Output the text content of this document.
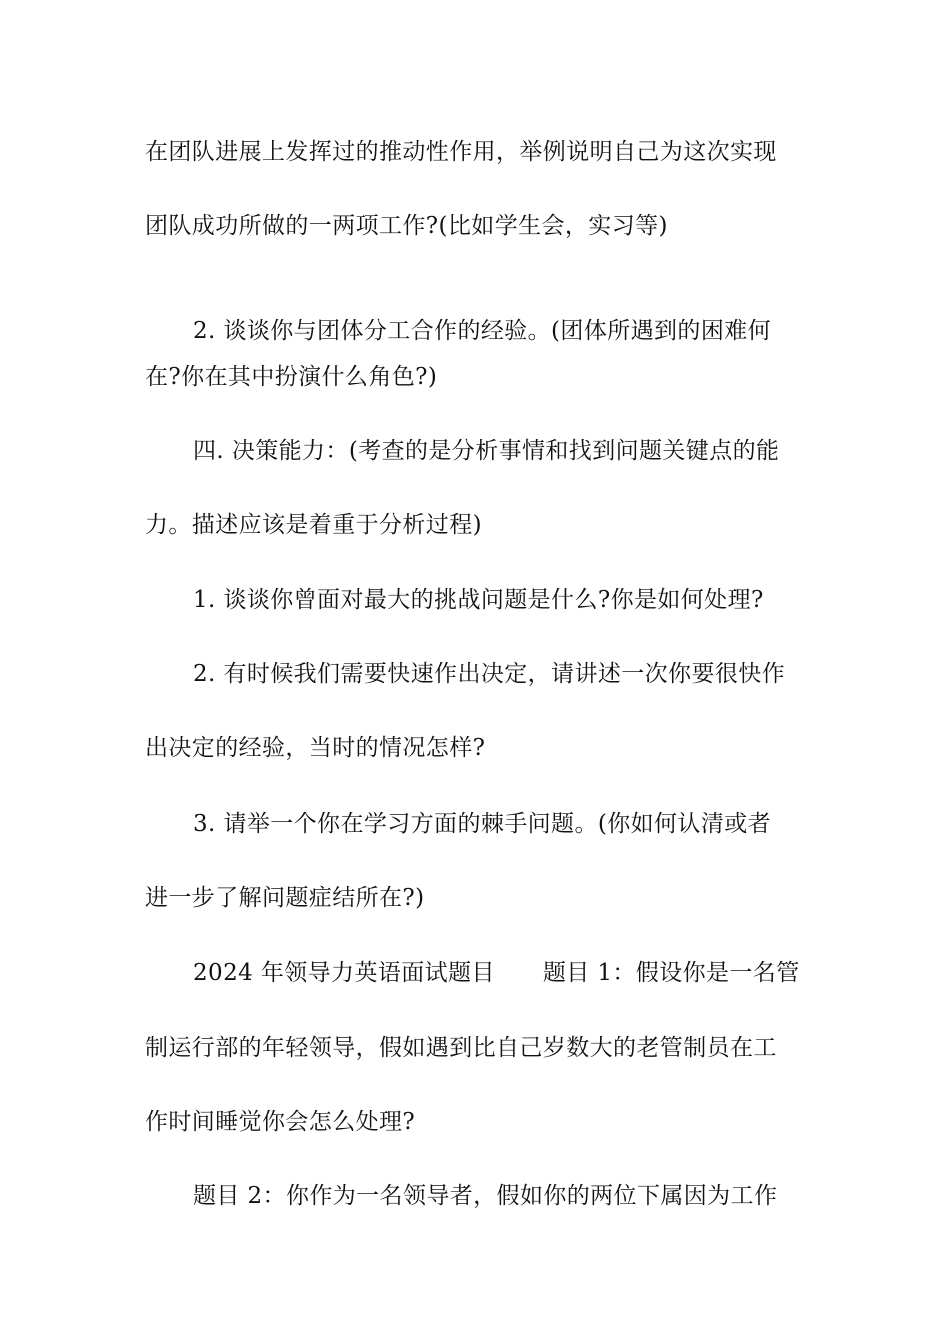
在团队进展上发挥过的推动性作用，举例说明自己为这次实现
团队成功所做的一两项工作?(比如学生会，实习等)
2. 谈谈你与团体分工合作的经验。(团体所遇到的困难何
在?你在其中扮演什么角色?)
四. 决策能力：(考查的是分析事情和找到问题关键点的能
力。描述应该是着重于分析过程)
1. 谈谈你曾面对最大的挑战问题是什么?你是如何处理?
2. 有时候我们需要快速作出决定，请讲述一次你要很快作
出决定的经验，当时的情况怎样?
3. 请举一个你在学习方面的棘手问题。(你如何认清或者
进一步了解问题症结所在?)
2024 年领导力英语面试题目 题目 1：假设你是一名管
制运行部的年轻领导，假如遇到比自己岁数大的老管制员在工
作时间睡觉你会怎么处理?
题目 2：你作为一名领导者，假如你的两位下属因为工作
